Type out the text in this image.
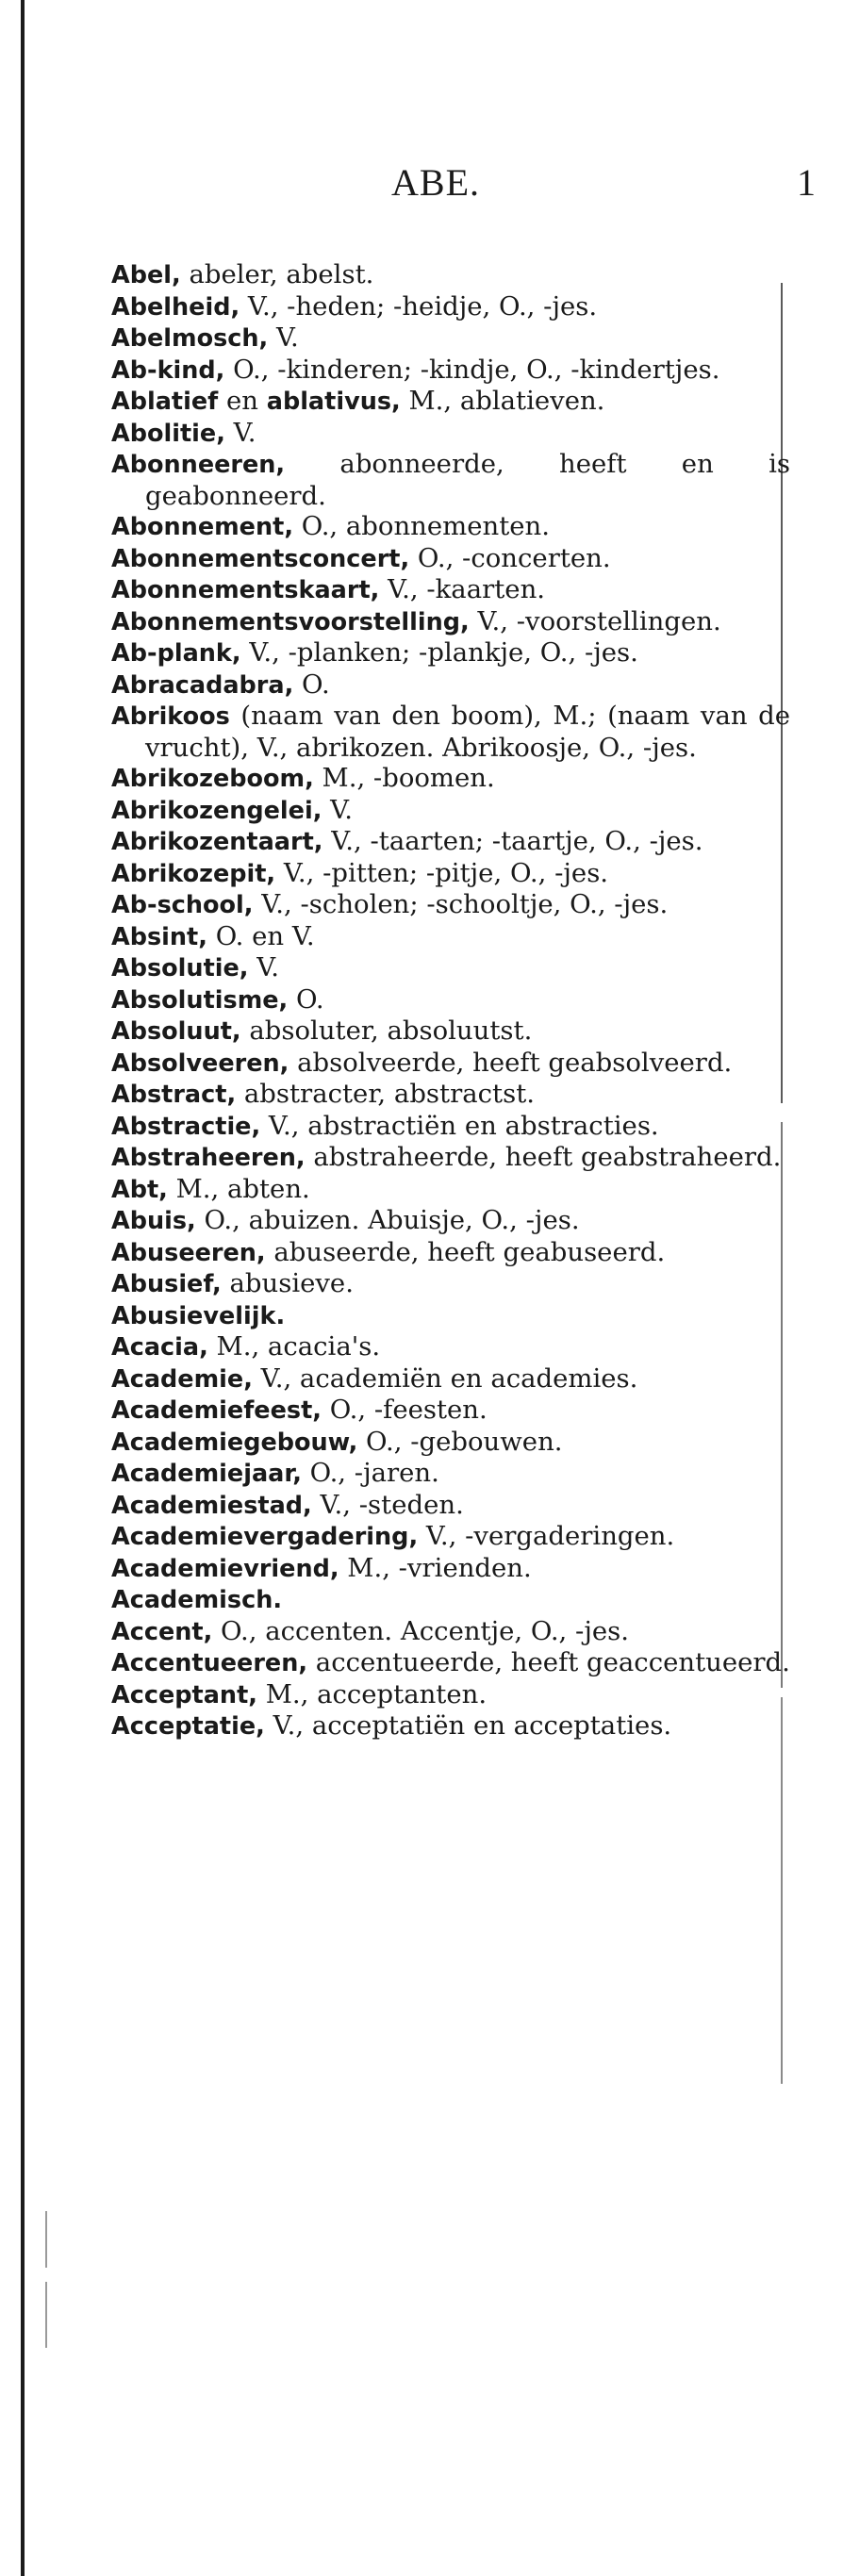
ABE.	1

Abel, abeler, abelst.

Abelheid, V., -heden; -heidje, O., -jes.

Abelmosch, V.

Ab-kind, O., -kinderen; -kindje, O., -kindertjes.

Ablatief en ablativus, M., ablatieven.

Abolitie, V.

Abonneeren, abonneerde, heeft en is geabonneerd.

Abonnement, O., abonnementen.

Abonnementsconcert, O., -concerten.

Abonnementskaart, V., -kaarten.

Abonnementsvoorstelling, V., -voorstellingen.

Ab-plank, V., -planken; -plankje, O., -jes.

Abracadabra, O.

Abrikoos (naam van den boom), M.; (naam van de vrucht), V., abrikozen. Abrikoosje, O., -jes.

Abrikozeboom, M., -boomen.

Abrikozengelei, V.

Abrikozentaart, V., -taarten; -taartje, O., -jes.

Abrikozepit, V., -pitten; -pitje, O., -jes.

Ab-school, V., -scholen; -schooltje, O., -jes.

Absint, O. en V.

Absolutie, V.

Absolutisme, O.

Absoluut, absoluter, absoluutst.

Absolveeren, absolveerde, heeft geabsolveerd.

Abstract, abstracter, abstractst.

Abstractie, V., abstractiën en abstracties.

Abstraheeren, abstraheerde, heeft geabstraheerd.

Abt, M., abten.

Abuis, O., abuizen. Abuisje, O., -jes.

Abuseeren, abuseerde, heeft geabuseerd.

Abusief, abusieve.

Abusievelijk.

Acacia, M., acacia's.

Academie, V., academiën en academies.

Academiefeest, O., -feesten.

Academiegebouw, O., -gebouwen.

Academiejaar, O., -jaren.

Academiestad, V., -steden.

Academievergadering, V., -vergaderingen.

Academievriend, M., -vrienden.

Academisch.

Accent, O., accenten. Accentje, O., -jes.

Accentueeren, accentueerde, heeft geaccentueerd.

Acceptant, M., acceptanten.

Acceptatie, V., acceptatiën en acceptaties.
